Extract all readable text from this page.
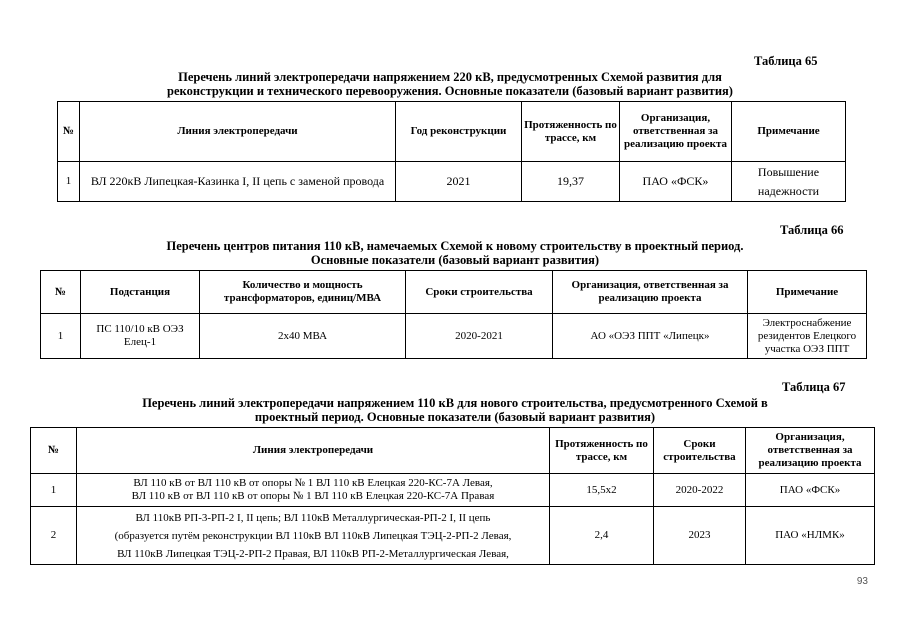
Таблица 65
Перечень линий электропередачи напряжением 220 кВ, предусмотренных Схемой развития для
реконструкции и технического перевооружения. Основные показатели (базовый вариант развития)
№	Линия электропередачи	Год реконструкции	Протяженность по трассе, км	Организация, ответственная за реализацию проекта	Примечание
1	ВЛ 220кВ Липецкая-Казинка I, II цепь с заменой провода	2021	19,37	ПАО «ФСК»	Повышение надежности
Таблица 66
Перечень центров питания 110 кВ, намечаемых Схемой к новому строительству в проектный период.
Основные показатели (базовый вариант развития)
№	Подстанция	Количество и мощность трансформаторов, единиц/МВА	Сроки строительства	Организация, ответственная за реализацию проекта	Примечание
1	ПС 110/10 кВ ОЭЗ Елец-1	2х40 МВА	2020-2021	АО «ОЭЗ ППТ «Липецк»	Электроснабжение резидентов Елецкого участка ОЭЗ ППТ
Таблица 67
Перечень линий электропередачи напряжением 110 кВ для нового строительства, предусмотренного Схемой в
проектный период. Основные показатели (базовый вариант развития)
№	Линия электропередачи	Протяженность по трассе, км	Сроки строительства	Организация, ответственная за реализацию проекта
1	ВЛ 110 кВ от ВЛ 110 кВ от опоры № 1 ВЛ 110 кВ Елецкая 220-КС-7А Левая,
ВЛ 110 кВ от ВЛ 110 кВ от опоры № 1 ВЛ 110 кВ Елецкая 220-КС-7А Правая	15,5х2	2020-2022	ПАО «ФСК»
2	ВЛ 110кВ РП-3-РП-2 I, II цепь; ВЛ 110кВ Металлургическая-РП-2 I, II цепь
(образуется путём реконструкции ВЛ 110кВ ВЛ 110кВ Липецкая ТЭЦ-2-РП-2 Левая,
ВЛ 110кВ Липецкая ТЭЦ-2-РП-2 Правая, ВЛ 110кВ РП-2-Металлургическая Левая,	2,4	2023	ПАО «НЛМК»
93
